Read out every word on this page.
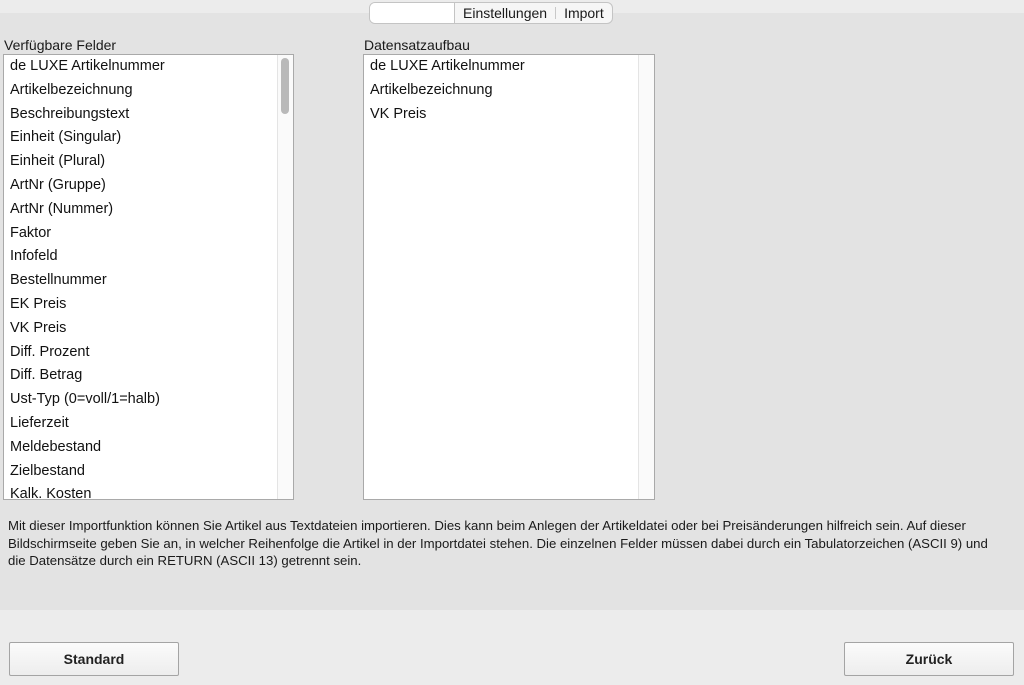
Einstellungen	Import
Verfügbare Felder
de LUXE Artikelnummer
Artikelbezeichnung
Beschreibungstext
Einheit (Singular)
Einheit (Plural)
ArtNr (Gruppe)
ArtNr (Nummer)
Faktor
Infofeld
Bestellnummer
EK Preis
VK Preis
Diff. Prozent
Diff. Betrag
Ust-Typ (0=voll/1=halb)
Lieferzeit
Meldebestand
Zielbestand
Kalk. Kosten
Datensatzaufbau
de LUXE Artikelnummer
Artikelbezeichnung
VK Preis
Mit dieser Importfunktion können Sie Artikel aus Textdateien importieren. Dies kann beim Anlegen der Artikeldatei oder bei Preisänderungen hilfreich sein. Auf dieser Bildschirmseite geben Sie an, in welcher Reihenfolge die Artikel in der Importdatei stehen. Die einzelnen Felder müssen dabei durch ein Tabulatorzeichen (ASCII 9) und die Datensätze durch ein RETURN (ASCII 13) getrennt sein.
Standard	Zurück
